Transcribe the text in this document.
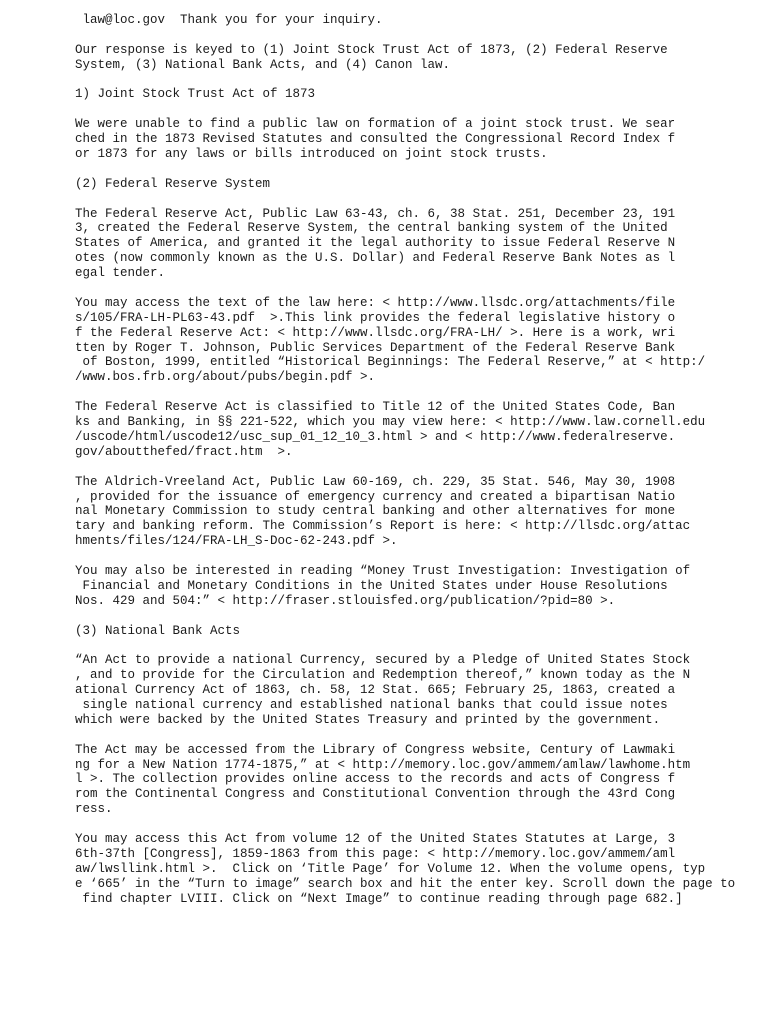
law@loc.gov  Thank you for your inquiry.
Our response is keyed to (1) Joint Stock Trust Act of 1873, (2) Federal Reserve
System, (3) National Bank Acts, and (4) Canon law.
1) Joint Stock Trust Act of 1873
We were unable to find a public law on formation of a joint stock trust. We sear
ched in the 1873 Revised Statutes and consulted the Congressional Record Index f
or 1873 for any laws or bills introduced on joint stock trusts.
(2) Federal Reserve System
The Federal Reserve Act, Public Law 63-43, ch. 6, 38 Stat. 251, December 23, 191
3, created the Federal Reserve System, the central banking system of the United
States of America, and granted it the legal authority to issue Federal Reserve N
otes (now commonly known as the U.S. Dollar) and Federal Reserve Bank Notes as l
egal tender.
You may access the text of the law here: < http://www.llsdc.org/attachments/file
s/105/FRA-LH-PL63-43.pdf  >.This link provides the federal legislative history o
f the Federal Reserve Act: < http://www.llsdc.org/FRA-LH/ >. Here is a work, wri
tten by Roger T. Johnson, Public Services Department of the Federal Reserve Bank
of Boston, 1999, entitled “Historical Beginnings: The Federal Reserve,” at < http:/
/www.bos.frb.org/about/pubs/begin.pdf >.
The Federal Reserve Act is classified to Title 12 of the United States Code, Ban
ks and Banking, in §§ 221-522, which you may view here: < http://www.law.cornell.edu
/uscode/html/uscode12/usc_sup_01_12_10_3.html > and < http://www.federalreserve.
gov/aboutthefed/fract.htm  >.
The Aldrich-Vreeland Act, Public Law 60-169, ch. 229, 35 Stat. 546, May 30, 1908
, provided for the issuance of emergency currency and created a bipartisan Natio
nal Monetary Commission to study central banking and other alternatives for mone
tary and banking reform. The Commission’s Report is here: < http://llsdc.org/attac
hments/files/124/FRA-LH_S-Doc-62-243.pdf >.
You may also be interested in reading “Money Trust Investigation: Investigation of
Financial and Monetary Conditions in the United States under House Resolutions
Nos. 429 and 504:” < http://fraser.stlouisfed.org/publication/?pid=80 >.
(3) National Bank Acts
“An Act to provide a national Currency, secured by a Pledge of United States Stock
, and to provide for the Circulation and Redemption thereof,” known today as the N
ational Currency Act of 1863, ch. 58, 12 Stat. 665; February 25, 1863, created a
single national currency and established national banks that could issue notes
which were backed by the United States Treasury and printed by the government.
The Act may be accessed from the Library of Congress website, Century of Lawmaki
ng for a New Nation 1774-1875,” at < http://memory.loc.gov/ammem/amlaw/lawhome.htm
l >. The collection provides online access to the records and acts of Congress f
rom the Continental Congress and Constitutional Convention through the 43rd Cong
ress.
You may access this Act from volume 12 of the United States Statutes at Large, 3
6th-37th [Congress], 1859-1863 from this page: < http://memory.loc.gov/ammem/aml
aw/lwsllink.html >.  Click on ‘Title Page’ for Volume 12. When the volume opens, typ
e ‘665’ in the “Turn to image” search box and hit the enter key. Scroll down the page to
find chapter LVIII. Click on “Next Image” to continue reading through page 682.]
